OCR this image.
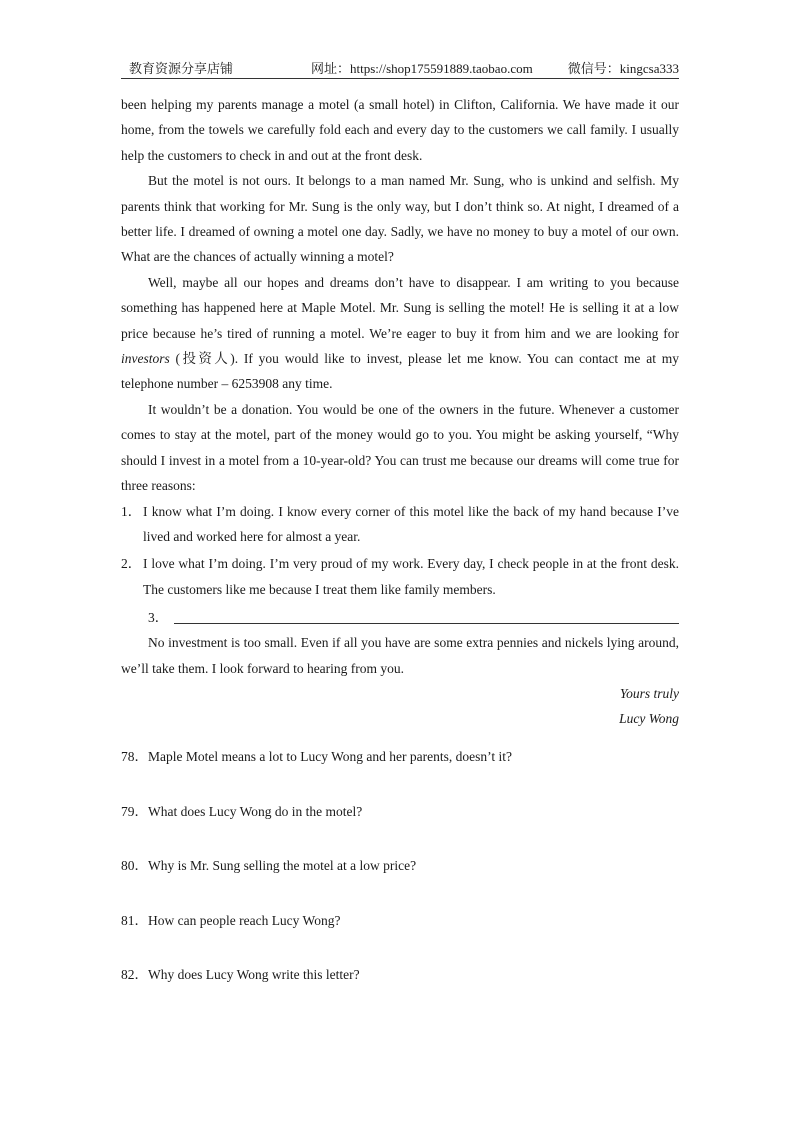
教育资源分享店铺	网址：https://shop175591889.taobao.com	微信号：kingcsa333

been helping my parents manage a motel (a small hotel) in Clifton, California. We have made it our home, from the towels we carefully fold each and every day to the customers we call family. I usually help the customers to check in and out at the front desk.

But the motel is not ours. It belongs to a man named Mr. Sung, who is unkind and selfish. My parents think that working for Mr. Sung is the only way, but I don’t think so. At night, I dreamed of a better life. I dreamed of owning a motel one day. Sadly, we have no money to buy a motel of our own. What are the chances of actually winning a motel?

Well, maybe all our hopes and dreams don’t have to disappear. I am writing to you because something has happened here at Maple Motel. Mr. Sung is selling the motel! He is selling it at a low price because he’s tired of running a motel. We’re eager to buy it from him and we are looking for investors (投资人). If you would like to invest, please let me know. You can contact me at my telephone number – 6253908 any time.

It wouldn’t be a donation. You would be one of the owners in the future. Whenever a customer comes to stay at the motel, part of the money would go to you. You might be asking yourself, “Why should I invest in a motel from a 10-year-old? You can trust me because our dreams will come true for three reasons:

1． I know what I’m doing. I know every corner of this motel like the back of my hand because I’ve lived and worked here for almost a year.
2． I love what I’m doing. I’m very proud of my work. Every day, I check people in at the front desk. The customers like me because I treat them like family members.
3．

No investment is too small. Even if all you have are some extra pennies and nickels lying around, we’ll take them. I look forward to hearing from you.

Yours truly

Lucy Wong

78．Maple Motel means a lot to Lucy Wong and her parents, doesn’t it?
79．What does Lucy Wong do in the motel?
80．Why is Mr. Sung selling the motel at a low price?
81．How can people reach Lucy Wong?
82．Why does Lucy Wong write this letter?
